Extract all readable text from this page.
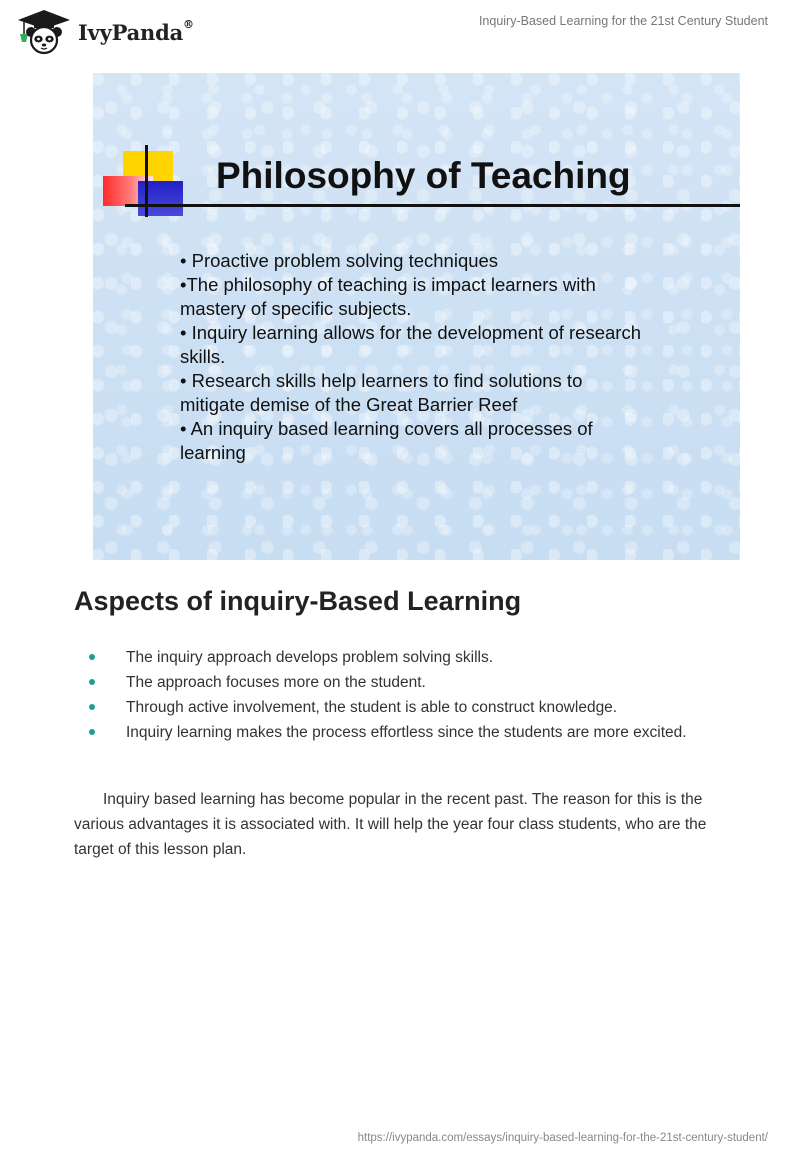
IvyPanda®	Inquiry-Based Learning for the 21st Century Student
Philosophy of Teaching
• Proactive problem solving techniques
•The philosophy of teaching is impact learners with mastery of specific subjects.
• Inquiry learning allows for the development of research skills.
• Research skills help learners to find solutions to mitigate demise of the Great Barrier Reef
• An inquiry based learning covers all processes of learning
Aspects of inquiry-Based Learning
The inquiry approach develops problem solving skills.
The approach focuses more on the student.
Through active involvement, the student is able to construct knowledge.
Inquiry learning makes the process effortless since the students are more excited.

Inquiry based learning has become popular in the recent past. The reason for this is the various advantages it is associated with. It will help the year four class students, who are the target of this lesson plan.

https://ivypanda.com/essays/inquiry-based-learning-for-the-21st-century-student/
